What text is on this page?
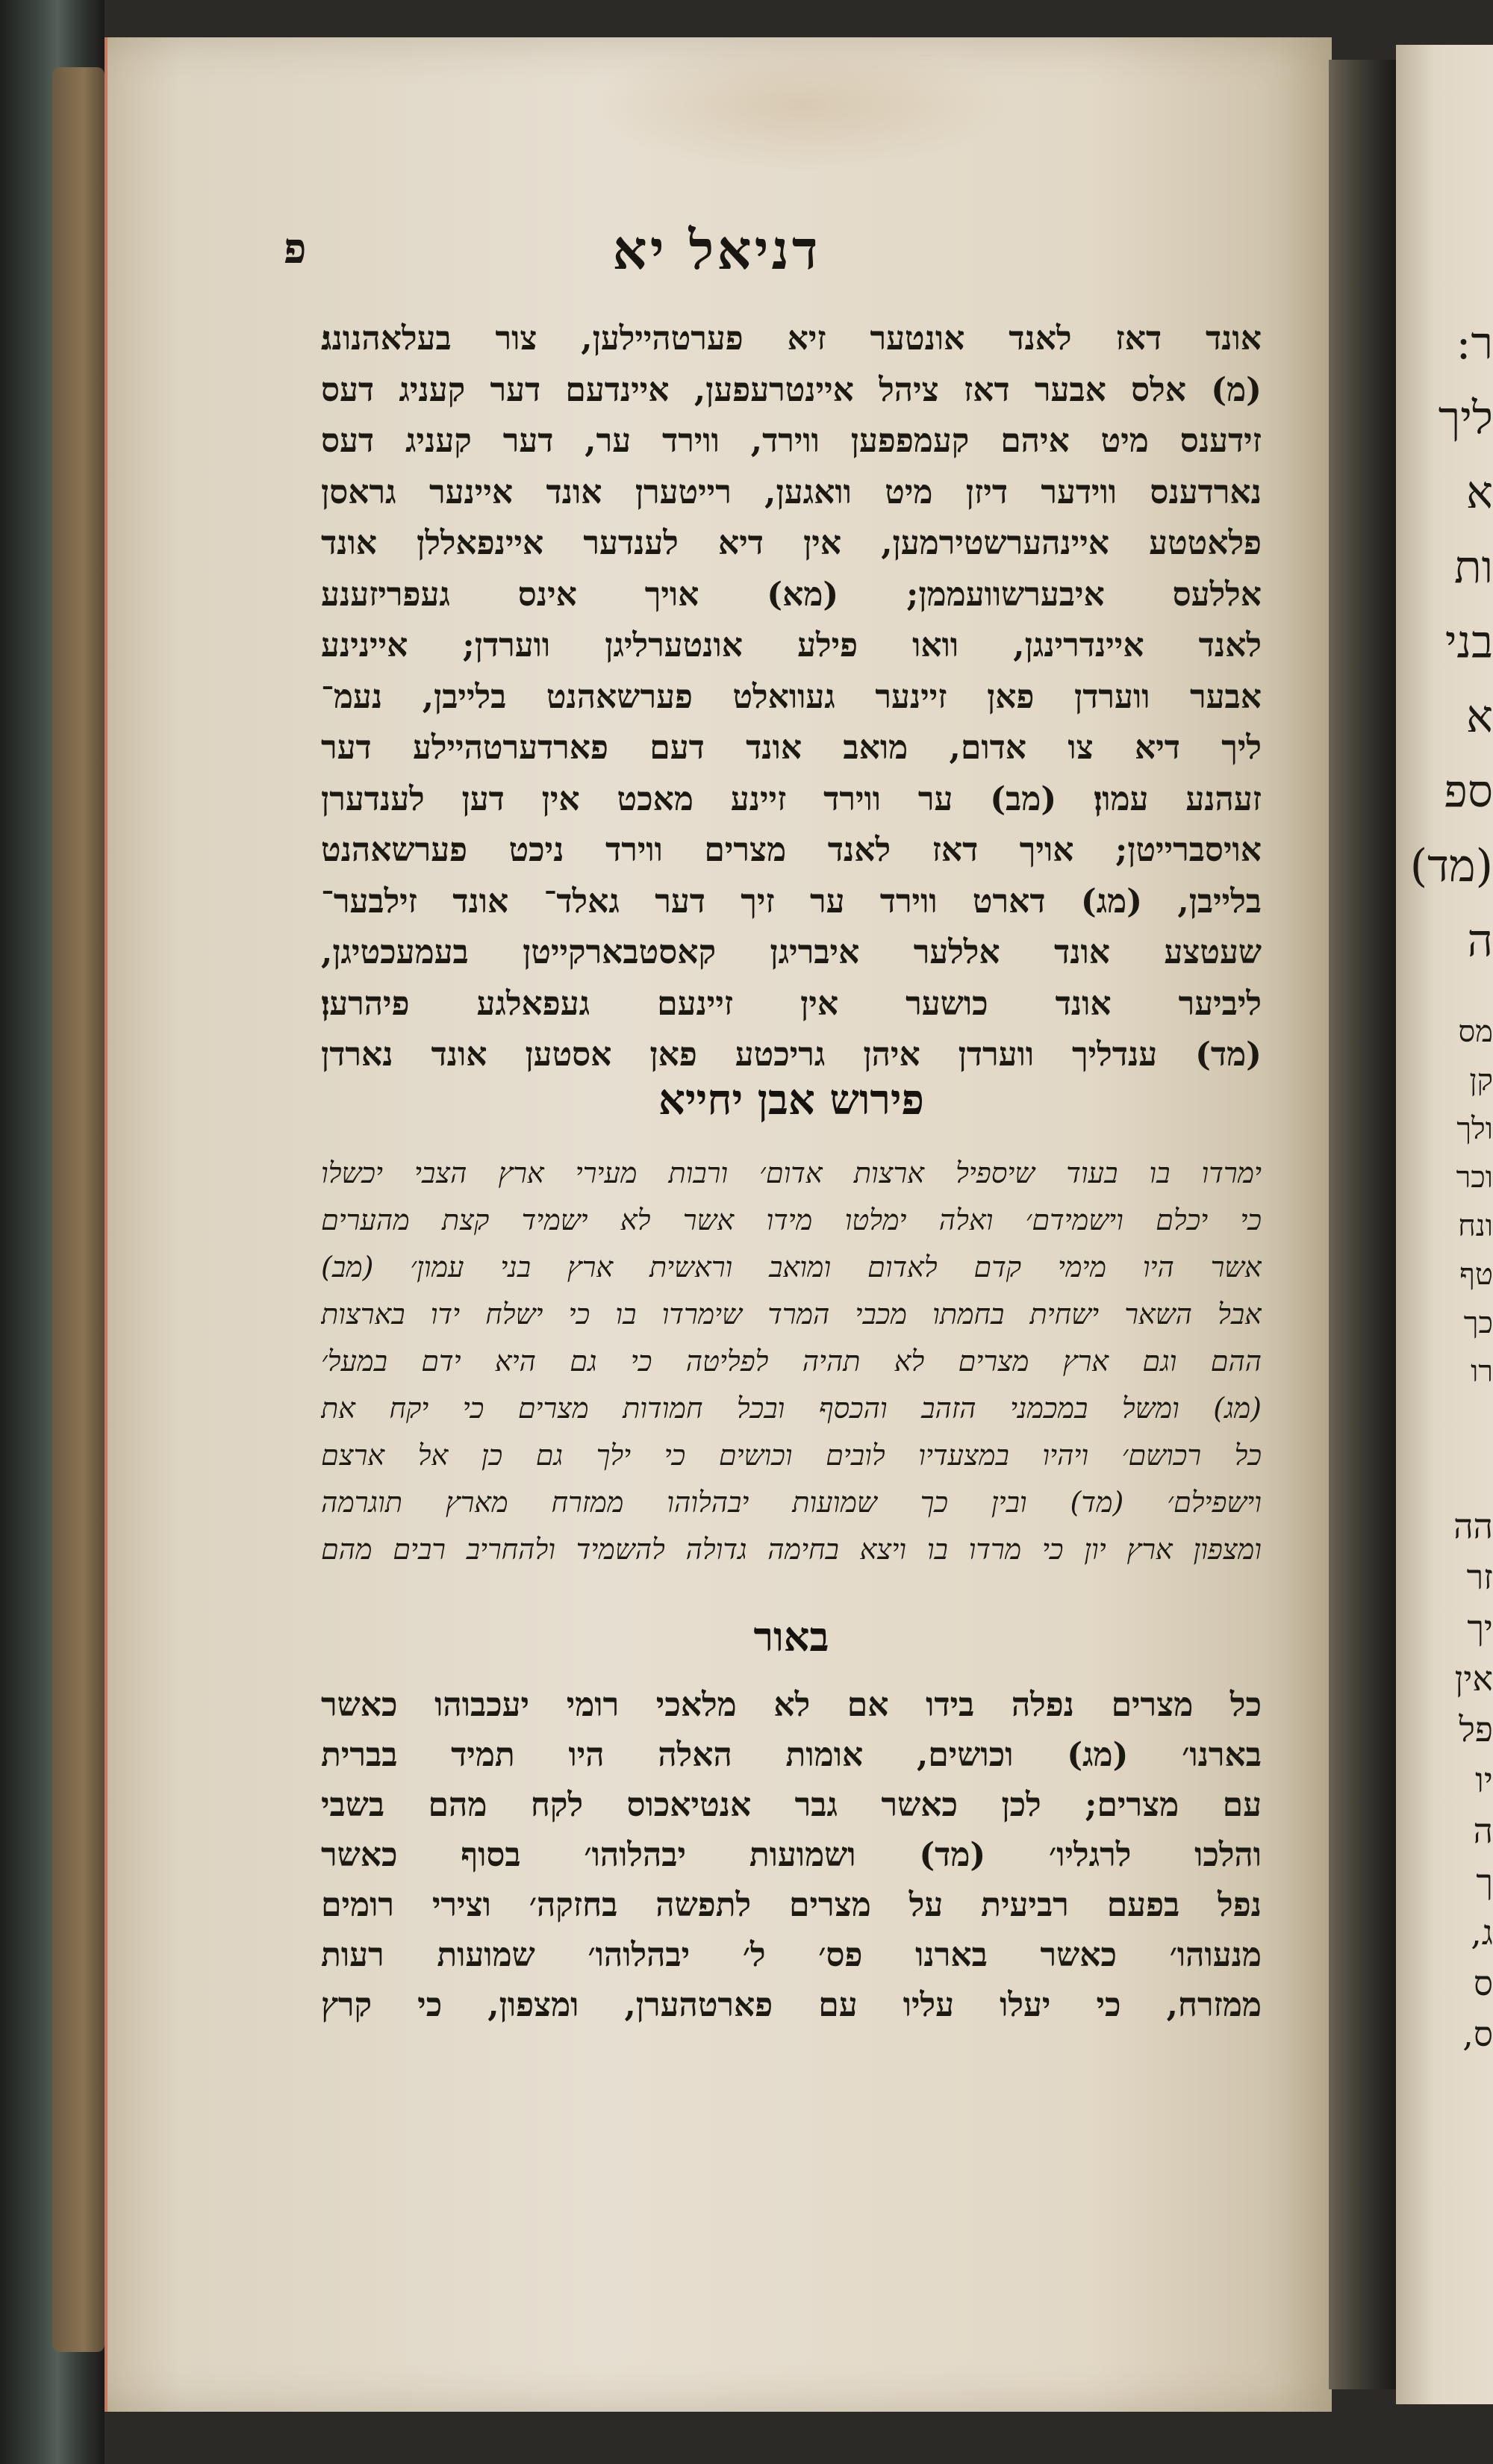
פ	דניאל יא
אונד דאז לאנד אונטער זיא פערטהיילען, צור בעלאהנונג׃
(מ) אלס אבער דאז ציהל איינטרעפען, איינדעם דער קעניג דעס
זידענס מיט איהם קעמפפען ווירד, ווירד ער, דער קעניג דעס
נארדענס ווידער דיזן מיט וואגען, רייטערן אונד איינער גראסן
פלאטטע איינהערשטירמען, אין דיא לענדער איינפאללן אונד
אללעס איבערשוועממן; (מא) אויך אינס געפריזענע
לאנד איינדרינגן, וואו פילע אונטערליגן ווערדן; איינינע
אבער ווערדן פאן זיינער געוואלט פערשאהנט בלייבן, נעמ־
ליך דיא צו אדום, מואב אונד דעם פארדערטהיילע דער
זעהנע עמון׃ (מב) ער ווירד זיינע מאכט אין דען לענדערן
אויסברייטן; אויך דאז לאנד מצרים ווירד ניכט פערשאהנט
בלייבן, (מג) דארט ווירד ער זיך דער גאלד־ אונד זילבער־
שעטצע אונד אללער איבריגן קאסטבארקייטן בעמעכטיגן,
ליביער אונד כושער אין זיינעם געפאלגע פיהרען׃
(מד) ענדליך ווערדן איהן גריכטע פאן אסטען אונד נארדן
פירוש אבן יחייא
ימרדו בו בעוד שיספיל ארצות אדום׳ ורבות מעירי ארץ הצבי יכשלו
כי יכלם וישמידם׳ ואלה ימלטו מידו אשר לא ישמיד קצת מהערים
אשר היו מימי קדם לאדום ומואב וראשית ארץ בני עמון׳ (מב)
אבל השאר ישחית בחמתו מכבי המרד שימרדו בו כי ישלח ידו בארצות
ההם וגם ארץ מצרים לא תהיה לפליטה כי גם היא ידם במעל׳
(מג) ומשל במכמני הזהב והכסף ובכל חמודות מצרים כי יקח את
כל רכושם׳ ויהיו במצעדיו לובים וכושים כי ילך גם כן אל ארצם
וישפילם׳ (מד) ובין כך שמועות יבהלוהו ממזרח מארץ תוגרמה
ומצפון ארץ יון כי מרדו בו ויצא בחימה גדולה להשמיד ולהחריב רבים מהם
באור
כל מצרים נפלה בידו אם לא מלאכי רומי יעכבוהו כאשר
בארנו׳ (מג) וכושים, אומות האלה היו תמיד בברית
עם מצרים; לכן כאשר גבר אנטיאכוס לקח מהם בשבי
והלכו לרגליו׳ (מד) ושמועות יבהלוהו׳ בסוף כאשר
נפל בפעם רביעית על מצרים לתפשה בחזקה׳ וצירי רומים
מנעוהו׳ כאשר בארנו פס׳ ל׳ יבהלוהו׳ שמועות רעות
ממזרח, כי יעלו עליו עם פארטהערן, ומצפון, כי קרץ
ר:
ליך
א
ות
בני
א
ספ
(מד)
ה
מס
קן
ולך
וכר
ונח
טף
כך
רו
הה
זר
יך
אין
פל
יו
ה
ך
ג,
ס
ס,
